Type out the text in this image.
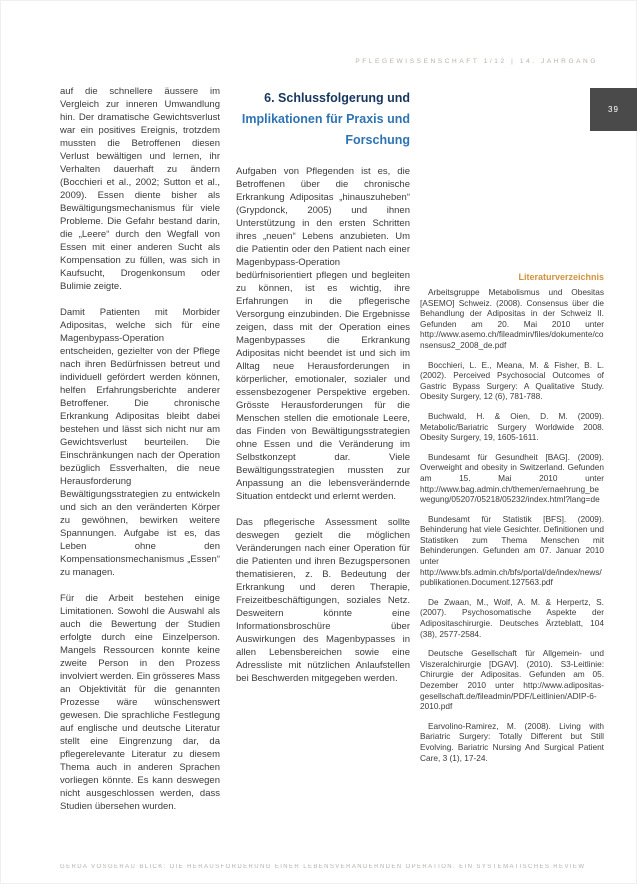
PFLEGEWISSENSCHAFT 1/12 | 14. JAHRGANG
39

auf die schnellere äussere im Vergleich zur inneren Umwandlung hin. Der dramatische Gewichtsverlust war ein positives Ereignis, trotzdem mussten die Betroffenen diesen Verlust bewältigen und lernen, ihr Verhalten dauerhaft zu ändern (Bocchieri et al., 2002; Sutton et al., 2009). Essen diente bisher als Bewältigungsmechanismus für viele Probleme. Die Gefahr bestand darin, die „Leere“ durch den Wegfall von Essen mit einer anderen Sucht als Kompensation zu füllen, was sich in Kaufsucht, Drogenkonsum oder Bulimie zeigte.

Damit Patienten mit Morbider Adipositas, welche sich für eine Magenbypass-Operation entscheiden, gezielter von der Pflege nach ihren Bedürfnissen betreut und individuell gefördert werden können, helfen Erfahrungsberichte anderer Betroffener. Die chronische Erkrankung Adipositas bleibt dabei bestehen und lässt sich nicht nur am Gewichtsverlust beurteilen. Die Einschränkungen nach der Operation bezüglich Essverhalten, die neue Herausforderung Bewältigungsstrategien zu entwickeln und sich an den veränderten Körper zu gewöhnen, bewirken weitere Spannungen. Aufgabe ist es, das Leben ohne den Kompensationsmechanismus „Essen“ zu managen.

Für die Arbeit bestehen einige Limitationen. Sowohl die Auswahl als auch die Bewertung der Studien erfolgte durch eine Einzelperson. Mangels Ressourcen konnte keine zweite Person in den Prozess involviert werden. Ein grösseres Mass an Objektivität für die genannten Prozesse wäre wünschenswert gewesen. Die sprachliche Festlegung auf englische und deutsche Literatur stellt eine Eingrenzung dar, da pflegerelevante Literatur zu diesem Thema auch in anderen Sprachen vorliegen könnte. Es kann deswegen nicht ausgeschlossen werden, dass Studien übersehen wurden.

6. Schlussfolgerung und
Implikationen für Praxis und
Forschung

Aufgaben von Pflegenden ist es, die Betroffenen über die chronische Erkrankung Adipositas „hinauszuheben“ (Grypdonck, 2005) und ihnen Unterstützung in den ersten Schritten ihres „neuen“ Lebens anzubieten. Um die Patientin oder den Patient nach einer Magenbypass-Operation bedürfnisorientiert pflegen und begleiten zu können, ist es wichtig, ihre Erfahrungen in die pflegerische Versorgung einzubinden. Die Ergebnisse zeigen, dass mit der Operation eines Magenbypasses die Erkrankung Adipositas nicht beendet ist und sich im Alltag neue Herausforderungen in körperlicher, emotionaler, sozialer und essensbezogener Perspektive ergeben. Grösste Herausforderungen für die Menschen stellen die emotionale Leere, das Finden von Bewältigungsstrategien ohne Essen und die Veränderung im Selbstkonzept dar. Viele Bewältigungsstrategien mussten zur Anpassung an die lebensverändernde Situation entdeckt und erlernt werden.

Das pflegerische Assessment sollte deswegen gezielt die möglichen Veränderungen nach einer Operation für die Patienten und ihren Bezugspersonen thematisieren, z. B. Bedeutung der Erkrankung und deren Therapie, Freizeitbeschäftigungen, soziales Netz. Desweitern könnte eine Informationsbroschüre über Auswirkungen des Magenbypasses in allen Lebensbereichen sowie eine Adressliste mit nützlichen Anlaufstellen bei Beschwerden mitgegeben werden.

Literaturverzeichnis

Arbeitsgruppe Metabolismus und Obesitas [ASEMO] Schweiz. (2008). Consensus über die Behandlung der Adipositas in der Schweiz II. Gefunden am 20. Mai 2010 unter http://www.asemo.ch/fileadmin/files/dokumente/consensus2_2008_de.pdf

Bocchieri, L. E., Meana, M. & Fisher, B. L. (2002). Perceived Psychosocial Outcomes of Gastric Bypass Surgery: A Qualitative Study. Obesity Surgery, 12 (6), 781-788.

Buchwald, H. & Oien, D. M. (2009). Metabolic/Bariatric Surgery Worldwide 2008. Obesity Surgery, 19, 1605-1611.

Bundesamt für Gesundheit [BAG]. (2009). Overweight and obesity in Switzerland. Gefunden am 15. Mai 2010 unter http://www.bag.admin.ch/themen/ernaehrung_bewegung/05207/05218/05232/index.html?lang=de

Bundesamt für Statistik [BFS]. (2009). Behinderung hat viele Gesichter. Definitionen und Statistiken zum Thema Menschen mit Behinderungen. Gefunden am 07. Januar 2010 unter http://www.bfs.admin.ch/bfs/portal/de/index/news/publikationen.Document.127563.pdf

De Zwaan, M., Wolf, A. M. & Herpertz, S. (2007). Psychosomatische Aspekte der Adipositaschirurgie. Deutsches Ärzteblatt, 104 (38), 2577-2584.

Deutsche Gesellschaft für Allgemein- und Viszeralchirurgie [DGAV]. (2010). S3-Leitlinie: Chirurgie der Adipositas. Gefunden am 05. Dezember 2010 unter http://www.adipositas-gesellschaft.de/fileadmin/PDF/Leitlinien/ADIP-6-2010.pdf

Earvolino-Ramirez, M. (2008). Living with Bariatric Surgery: Totally Different but Still Evolving. Bariatric Nursing And Surgical Patient Care, 3 (1), 17-24.

GERDA VOSGERAU BLICK: DIE HERAUSFORDERUNG EINER LEBENSVERÄNDERNDEN OPERATION. EIN SYSTEMATISCHES REVIEW
